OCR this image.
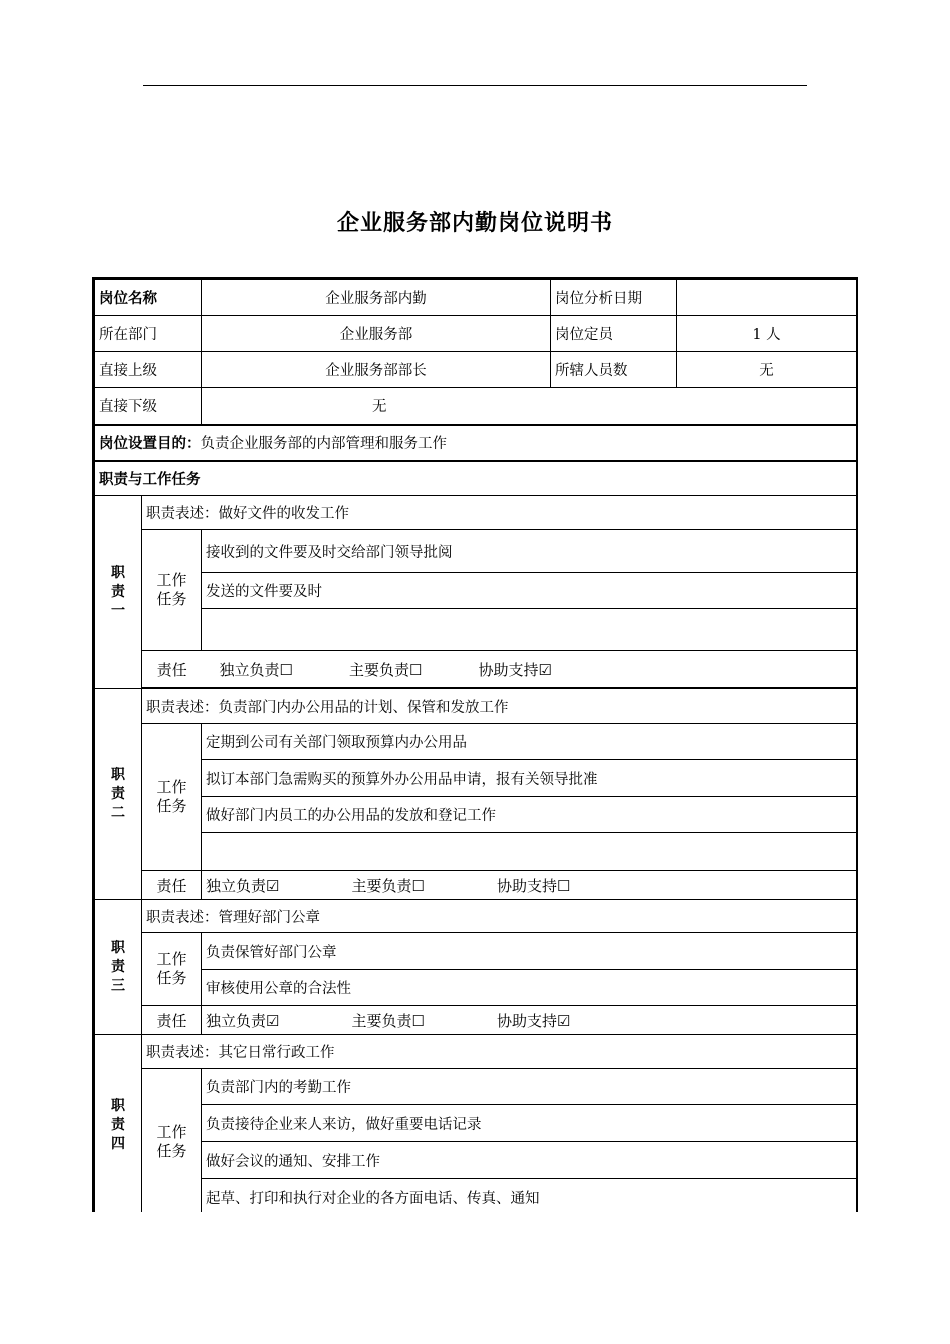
企业服务部内勤岗位说明书
岗位名称		企业服务部内勤	岗位分析日期	
所在部门		企业服务部	岗位定员	1 人
直接上级		企业服务部部长	所辖人员数	无
直接下级		无		
岗位设置目的：负责企业服务部的内部管理和服务工作				
职责与工作任务				

职
责
一	职责表述：做好文件的收发工作			

	工作
任务	接收到的文件要及时交给部门领导批阅		
		发送的文件要及时		

	责任	独立负责☐ 主要负责☐ 协助支持☑		

职
责
二	职责表述：负责部门内办公用品的计划、保管和发放工作			

	工作
任务	定期到公司有关部门领取预算内办公用品		
		拟订本部门急需购买的预算外办公用品申请，报有关领导批准		
		做好部门内员工的办公用品的发放和登记工作		

	责任	独立负责☑ 主要负责☐ 协助支持☐		

职
责
三	职责表述：管理好部门公章			

	工作
任务	负责保管好部门公章		
		审核使用公章的合法性		
	责任	独立负责☑ 主要负责☐ 协助支持☑		

职
责
四	职责表述：其它日常行政工作			

	工作
任务	负责部门内的考勤工作		
		负责接待企业来人来访，做好重要电话记录		
		做好会议的通知、安排工作		
		起草、打印和执行对企业的各方面电话、传真、通知		
